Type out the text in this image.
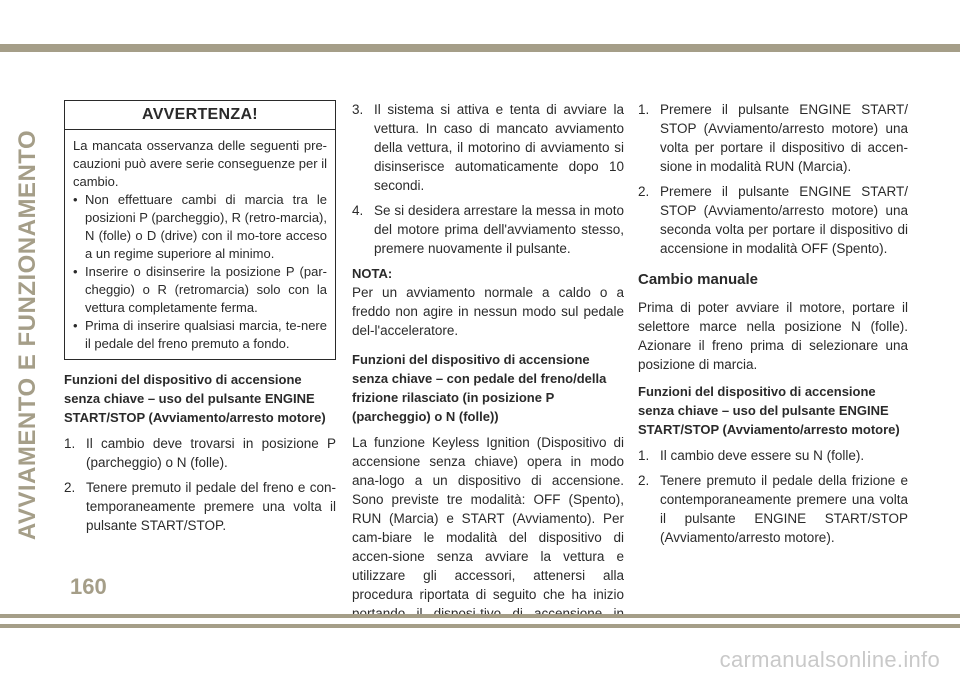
AVVIAMENTO E FUNZIONAMENTO
AVVERTENZA!
La mancata osservanza delle seguenti pre-cauzioni può avere serie conseguenze per il cambio.
• Non effettuare cambi di marcia tra le posizioni P (parcheggio), R (retro-marcia), N (folle) o D (drive) con il mo-tore acceso a un regime superiore al minimo.
• Inserire o disinserire la posizione P (par-cheggio) o R (retromarcia) solo con la vettura completamente ferma.
• Prima di inserire qualsiasi marcia, te-nere il pedale del freno premuto a fondo.
Funzioni del dispositivo di accensione senza chiave – uso del pulsante ENGINE START/STOP (Avviamento/arresto motore)
1. Il cambio deve trovarsi in posizione P (parcheggio) o N (folle).
2. Tenere premuto il pedale del freno e con-temporaneamente premere una volta il pulsante START/STOP.
3. Il sistema si attiva e tenta di avviare la vettura. In caso di mancato avviamento della vettura, il motorino di avviamento si disinserisce automaticamente dopo 10 secondi.
4. Se si desidera arrestare la messa in moto del motore prima dell'avviamento stesso, premere nuovamente il pulsante.
NOTA:
Per un avviamento normale a caldo o a freddo non agire in nessun modo sul pedale del-l'acceleratore.
Funzioni del dispositivo di accensione senza chiave – con pedale del freno/della frizione rilasciato (in posizione P (parcheggio) o N (folle))
La funzione Keyless Ignition (Dispositivo di accensione senza chiave) opera in modo ana-logo a un dispositivo di accensione. Sono previste tre modalità: OFF (Spento), RUN (Marcia) e START (Avviamento). Per cam-biare le modalità del dispositivo di accen-sione senza avviare la vettura e utilizzare gli accessori, attenersi alla procedura riportata di seguito che ha inizio
1. Premere il pulsante ENGINE START/ STOP (Avviamento/arresto motore) una volta per portare il dispositivo di accen-sione in modalità RUN (Marcia).
2. Premere il pulsante ENGINE START/ STOP (Avviamento/arresto motore) una seconda volta per portare il dispositivo di accensione in modalità OFF (Spento).
Cambio manuale
Prima di poter avviare il motore, portare il selettore marce nella posizione N (folle). Azionare il freno prima di selezionare una posizione di marcia.
Funzioni del dispositivo di accensione senza chiave – uso del pulsante ENGINE START/STOP (Avviamento/arresto motore)
1. Il cambio deve essere su N (folle).
2. Tenere premuto il pedale della frizione e contemporaneamente premere una volta il pulsante ENGINE START/STOP (Avviamento/arresto motore).
160
carmanualsonline.info
